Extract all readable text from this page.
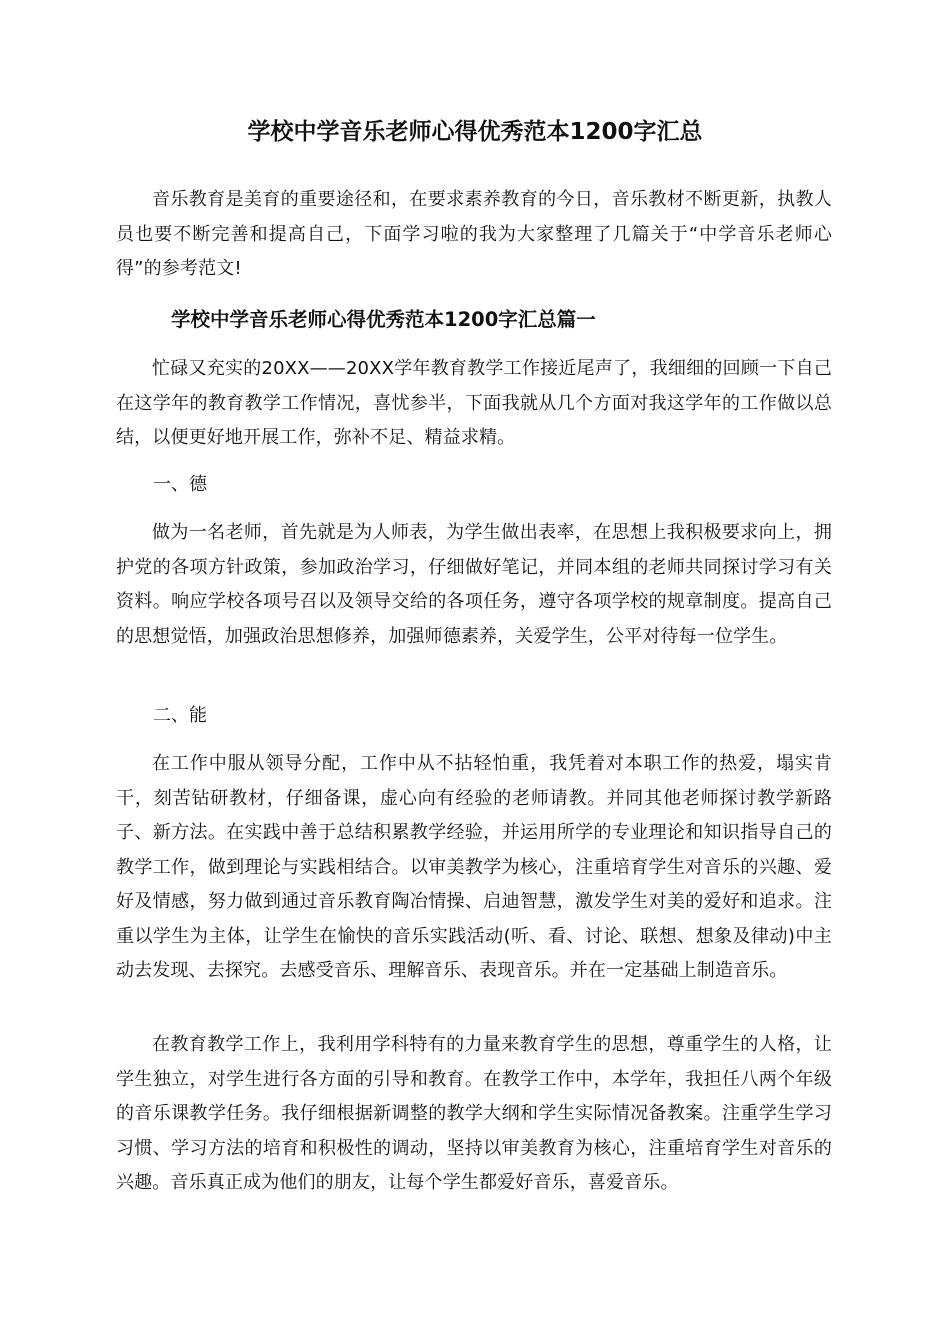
学校中学音乐老师心得优秀范本1200字汇总

音乐教育是美育的重要途径和，在要求素养教育的今日，音乐教材不断更新，执教人员也要不断完善和提高自己，下面学习啦的我为大家整理了几篇关于“中学音乐老师心得”的参考范文!

学校中学音乐老师心得优秀范本1200字汇总篇一

忙碌又充实的20XX——20XX学年教育教学工作接近尾声了，我细细的回顾一下自己在这学年的教育教学工作情况，喜忧参半，下面我就从几个方面对我这学年的工作做以总结，以便更好地开展工作，弥补不足、精益求精。

一、德

做为一名老师，首先就是为人师表，为学生做出表率，在思想上我积极要求向上，拥护党的各项方针政策，参加政治学习，仔细做好笔记，并同本组的老师共同探讨学习有关资料。响应学校各项号召以及领导交给的各项任务，遵守各项学校的规章制度。提高自己的思想觉悟，加强政治思想修养，加强师德素养，关爱学生，公平对待每一位学生。

二、能

在工作中服从领导分配，工作中从不拈轻怕重，我凭着对本职工作的热爱，塌实肯干，刻苦钻研教材，仔细备课，虚心向有经验的老师请教。并同其他老师探讨教学新路子、新方法。在实践中善于总结积累教学经验，并运用所学的专业理论和知识指导自己的教学工作，做到理论与实践相结合。以审美教学为核心，注重培育学生对音乐的兴趣、爱好及情感，努力做到通过音乐教育陶冶情操、启迪智慧，激发学生对美的爱好和追求。注重以学生为主体，让学生在愉快的音乐实践活动(听、看、讨论、联想、想象及律动)中主动去发现、去探究。去感受音乐、理解音乐、表现音乐。并在一定基础上制造音乐。

在教育教学工作上，我利用学科特有的力量来教育学生的思想，尊重学生的人格，让学生独立，对学生进行各方面的引导和教育。在教学工作中，本学年，我担任八两个年级的音乐课教学任务。我仔细根据新调整的教学大纲和学生实际情况备教案。注重学生学习习惯、学习方法的培育和积极性的调动，坚持以审美教育为核心，注重培育学生对音乐的兴趣。音乐真正成为他们的朋友，让每个学生都爱好音乐，喜爱音乐。
